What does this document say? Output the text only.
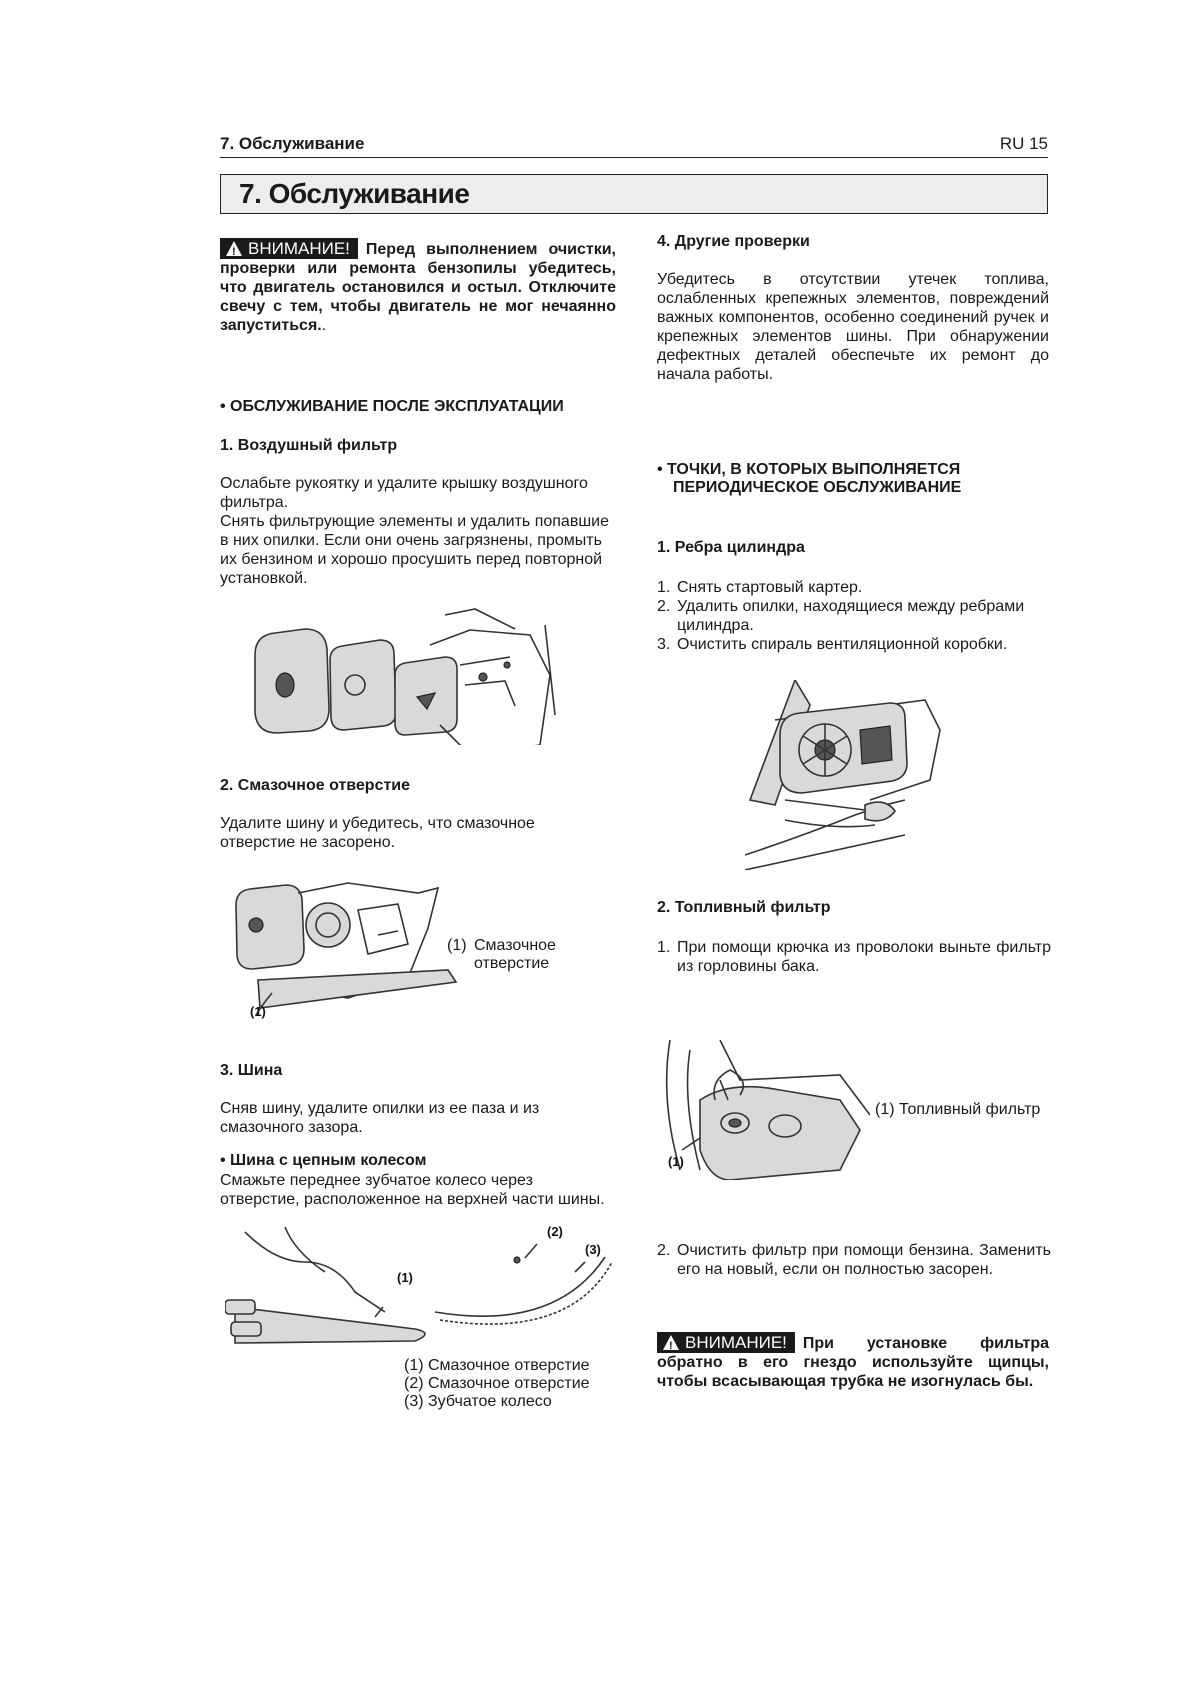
7. Обслуживание	RU 15
7. Обслуживание
!ВНИМАНИЕ! Перед выполнением очистки, проверки или ремонта бензопилы убедитесь, что двигатель остановился и остыл. Отключите свечу с тем, чтобы двигатель не мог нечаянно запуститься..
• ОБСЛУЖИВАНИЕ ПОСЛЕ ЭКСПЛУАТАЦИИ
1. Воздушный фильтр
Ослабьте рукоятку и удалите крышку воздушного фильтра.
Снять фильтрующие элементы и удалить попавшие в них опилки. Если они очень загрязнены, промыть их бензином и хорошо просушить перед повторной установкой.
2. Смазочное отверстие
Удалите шину и убедитесь, что смазочное отверстие не засорено.
(1)
(1) Смазочное отверстие
3. Шина
Сняв шину, удалите опилки из ее паза и из смазочного зазора.
• Шина с цепным колесом
Смажьте переднее зубчатое колесо через отверстие, расположенное на верхней части шины.
(1)
(2)
(3)
(1) Смазочное отверстие
(2) Смазочное отверстие
(3) Зубчатое колесо
4. Другие проверки
Убедитесь в отсутствии утечек топлива, ослабленных крепежных элементов, повреждений важных компонентов, особенно соединений ручек и крепежных элементов шины. При обнаружении дефектных деталей обеспечьте их ремонт до начала работы.
• ТОЧКИ, В КОТОРЫХ ВЫПОЛНЯЕТСЯ ПЕРИОДИЧЕСКОЕ ОБСЛУЖИВАНИЕ
1. Ребра цилиндра
1. Снять стартовый картер.
2. Удалить опилки, находящиеся между ребрами цилиндра.
3. Очистить спираль вентиляционной коробки.
2. Топливный фильтр
1. При помощи крючка из проволоки выньте фильтр из горловины бака.
(1)
(1) Топливный фильтр
2. Очистить фильтр при помощи бензина. Заменить его на новый, если он полностью засорен.
!ВНИМАНИЕ! При установке фильтра обратно в его гнездо используйте щипцы, чтобы всасывающая трубка не изогнулась бы.
